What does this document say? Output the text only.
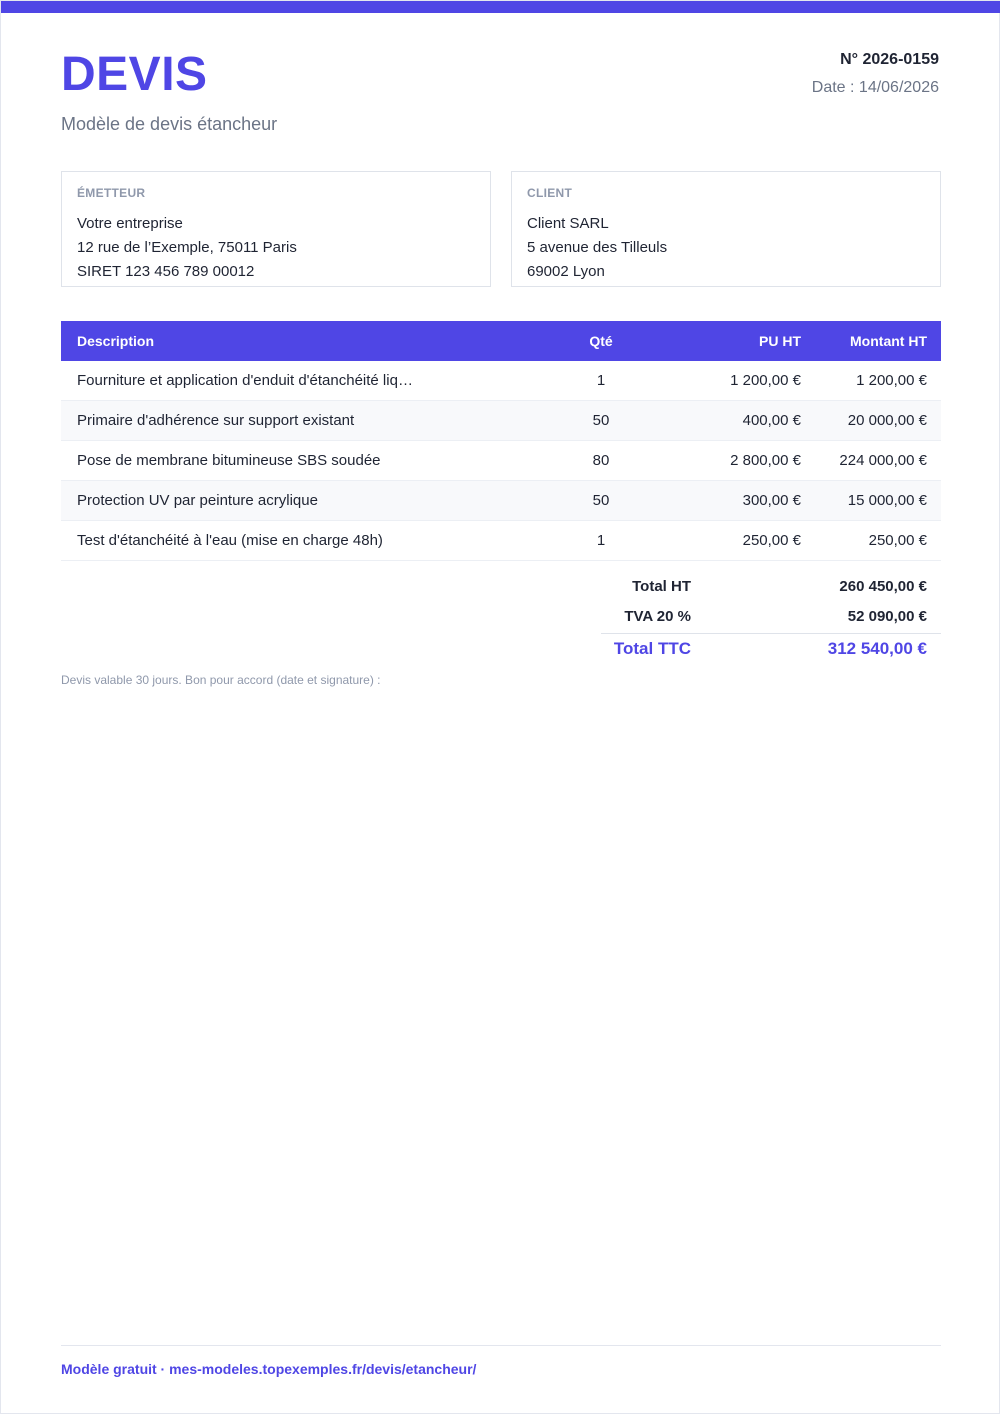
DEVIS
Modèle de devis étancheur
N° 2026-0159
Date : 14/06/2026
ÉMETTEUR
Votre entreprise
12 rue de l’Exemple, 75011 Paris
SIRET 123 456 789 00012
CLIENT
Client SARL
5 avenue des Tilleuls
69002 Lyon
Description	Qté	PU HT	Montant HT
Fourniture et application d'enduit d'étanchéité liq…	1	1 200,00 €	1 200,00 €
Primaire d'adhérence sur support existant	50	400,00 €	20 000,00 €
Pose de membrane bitumineuse SBS soudée	80	2 800,00 €	224 000,00 €
Protection UV par peinture acrylique	50	300,00 €	15 000,00 €
Test d'étanchéité à l'eau (mise en charge 48h)	1	250,00 €	250,00 €
Total HT	260 450,00 €
TVA 20 %	52 090,00 €
Total TTC	312 540,00 €
Devis valable 30 jours. Bon pour accord (date et signature) :
Modèle gratuit · mes-modeles.topexemples.fr/devis/etancheur/
